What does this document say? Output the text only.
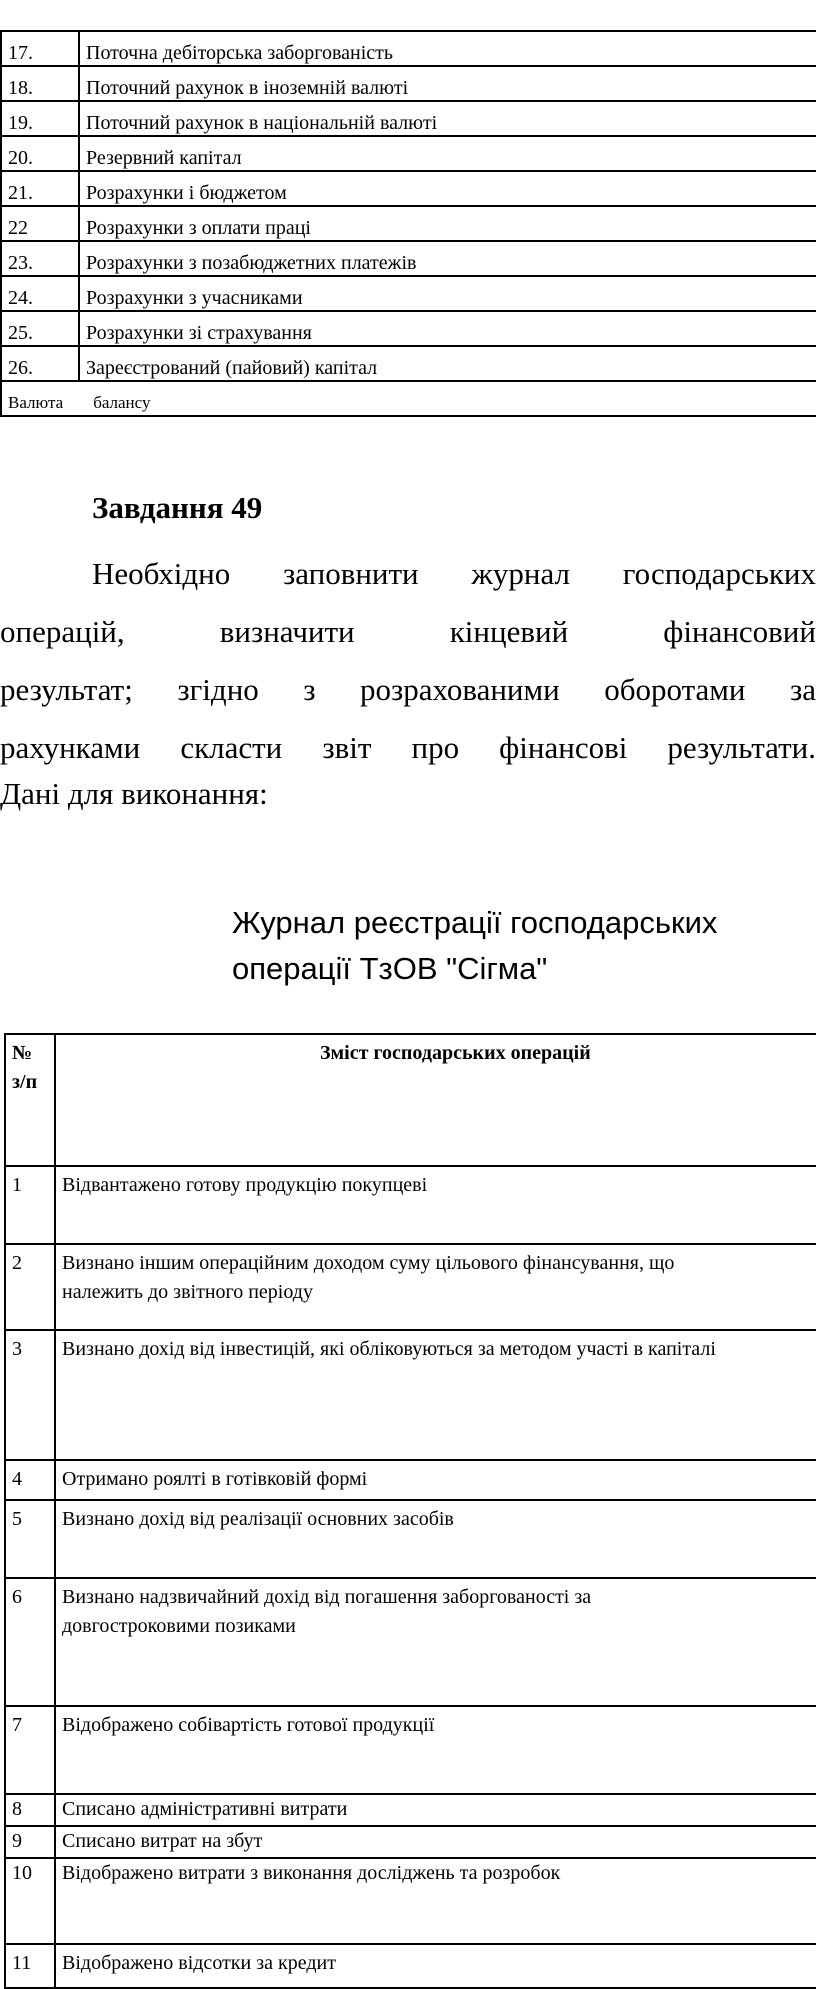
17.	Поточна дебіторська заборгованість
18.	Поточний рахунок в іноземній валюті
19.	Поточний рахунок в національній валюті
20.	Резервний капітал
21.	Розрахунки і бюджетом
22	Розрахунки з оплати праці
23.	Розрахунки з позабюджетних платежів
24.	Розрахунки з учасниками
25.	Розрахунки зі страхування
26.	Зареєстрований (пайовий) капітал
Валюта балансу	
Завдання 49

Необхідно заповнити журнал господарських
операцій, визначити кінцевий фінансовий
результат; згідно з розрахованими оборотами за
рахунками скласти звіт про фінансові результати.

Дані для виконання:

Журнал реєстрації господарських
операції ТзОВ "Сігма"
№
з/п	Зміст господарських операцій
1	Відвантажено готову продукцію покупцеві
2	Визнано іншим операційним доходом суму цільового фінансування, що
належить до звітного періоду
3	Визнано дохід від інвестицій, які обліковуються за методом участі в капіталі
4	Отримано роялті в готівковій формі
5	Визнано дохід від реалізації основних засобів
6	Визнано надзвичайний дохід від погашення заборгованості за
довгостроковими позиками
7	Відображено собівартість готової продукції
8	Списано адміністративні витрати
9	Списано витрат на збут
10	Відображено витрати з виконання досліджень та розробок
11	Відображено відсотки за кредит
